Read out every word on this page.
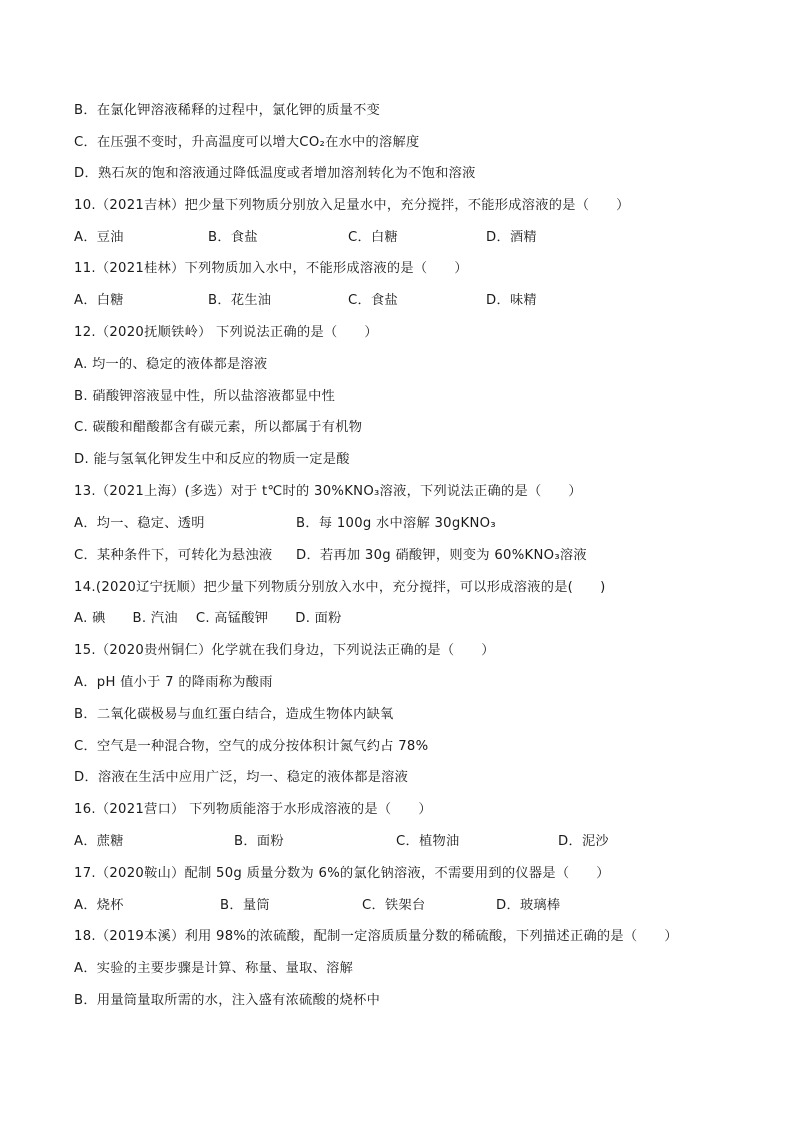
B．在氯化钾溶液稀释的过程中，氯化钾的质量不变
C．在压强不变时，升高温度可以增大CO₂在水中的溶解度
D．熟石灰的饱和溶液通过降低温度或者增加溶剂转化为不饱和溶液
10.（2021吉林）把少量下列物质分别放入足量水中，充分搅拌，不能形成溶液的是（　　）

A．豆油

	B．食盐

	C．白糖

	D．酒精

11.（2021桂林）下列物质加入水中，不能形成溶液的是（　　）

A．白糖

	B．花生油

	C．食盐

	D．味精

12.（2020抚顺铁岭） 下列说法正确的是（　　）
A. 均一的、稳定的液体都是溶液
B. 硝酸钾溶液显中性，所以盐溶液都显中性
C. 碳酸和醋酸都含有碳元素，所以都属于有机物
D. 能与氢氧化钾发生中和反应的物质一定是酸
13.（2021上海）(多选）对于 t℃时的 30%KNO₃溶液，下列说法正确的是（　　）

A．均一、稳定、透明

	B．每 100g 水中溶解 30gKNO₃

C．某种条件下，可转化为悬浊液

D．若再加 30g 硝酸钾，则变为 60%KNO₃溶液

14.(2020辽宁抚顺）把少量下列物质分别放入水中，充分搅拌，可以形成溶液的是(　　)
A. 碘　　B. 汽油　 C. 高锰酸钾　　D. 面粉
15.（2020贵州铜仁）化学就在我们身边，下列说法正确的是（　　）
A．pH 值小于 7 的降雨称为酸雨
B．二氧化碳极易与血红蛋白结合，造成生物体内缺氧
C．空气是一种混合物，空气的成分按体积计氮气约占 78%
D．溶液在生活中应用广泛，均一、稳定的液体都是溶液
16.（2021营口） 下列物质能溶于水形成溶液的是（　　）

A．蔗糖

	B．面粉

	C．植物油

	D．泥沙

17.（2020鞍山）配制 50g 质量分数为 6%的氯化钠溶液，不需要用到的仪器是（　　）

A．烧杯

	B．量筒

	C．铁架台

	D．玻璃棒

18.（2019本溪）利用 98%的浓硫酸，配制一定溶质质量分数的稀硫酸，下列描述正确的是（　　）
A．实验的主要步骤是计算、称量、量取、溶解
B．用量筒量取所需的水，注入盛有浓硫酸的烧杯中
